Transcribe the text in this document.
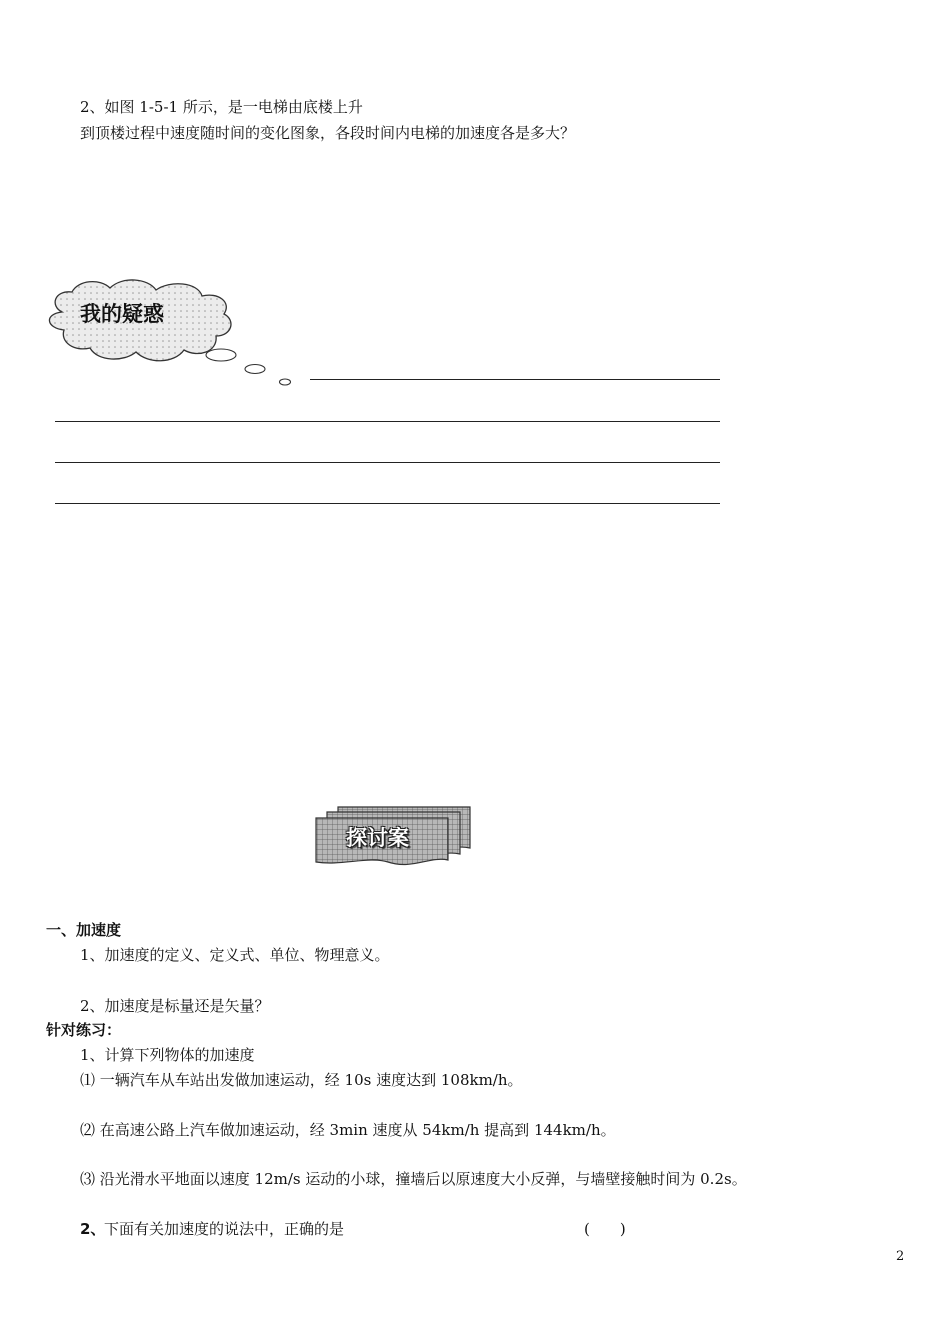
2、如图 1-5-1 所示，是一电梯由底楼上升
到顶楼过程中速度随时间的变化图象，各段时间内电梯的加速度各是多大？
我的疑惑
探讨案
一、加速度
1、加速度的定义、定义式、单位、物理意义。
2、加速度是标量还是矢量？
针对练习：
1、计算下列物体的加速度
⑴ 一辆汽车从车站出发做加速运动，经 10s 速度达到 108km/h。
⑵ 在高速公路上汽车做加速运动，经 3min 速度从 54km/h 提高到 144km/h。
⑶ 沿光滑水平地面以速度 12m/s 运动的小球，撞墙后以原速度大小反弹，与墙壁接触时间为 0.2s。
2、
下面有关加速度的说法中，正确的是	(　　)
2
